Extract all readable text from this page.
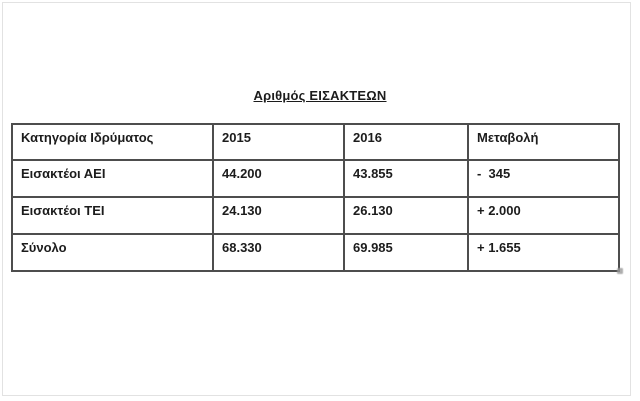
Αριθμός ΕΙΣΑΚΤΕΩΝ
Κατηγορία Ιδρύματος	2015	2016	Μεταβολή
Εισακτέοι ΑΕΙ	44.200	43.855	-  345
Εισακτέοι ΤΕΙ	24.130	26.130	+ 2.000
Σύνολο	68.330	69.985	+ 1.655
